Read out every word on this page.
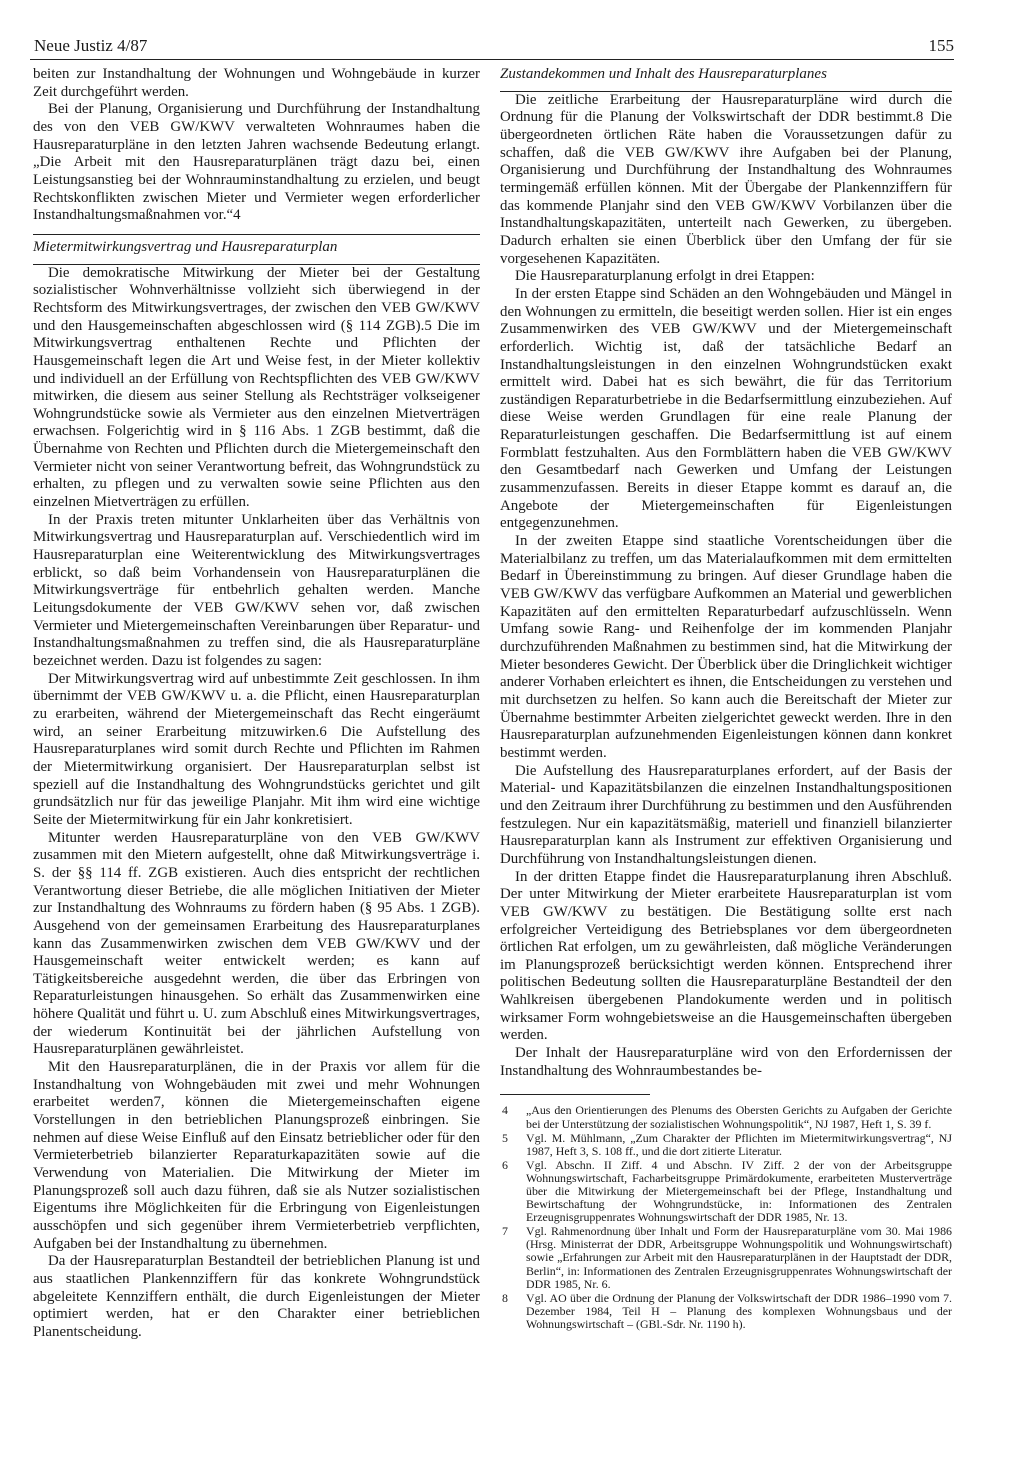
Neue Justiz 4/87	155

beiten zur Instandhaltung der Wohnungen und Wohngebäude in kurzer Zeit durchgeführt werden.

Bei der Planung, Organisierung und Durchführung der Instandhaltung des von den VEB GW/KWV verwalteten Wohnraumes haben die Hausreparaturpläne in den letzten Jahren wachsende Bedeutung erlangt. „Die Arbeit mit den Hausreparaturplänen trägt dazu bei, einen Leistungsanstieg bei der Wohnrauminstandhaltung zu erzielen, und beugt Rechtskonflikten zwischen Mieter und Vermieter wegen erforderlicher Instandhaltungsmaßnahmen vor.“4

Mietermitwirkungsvertrag und Hausreparaturplan

Die demokratische Mitwirkung der Mieter bei der Gestaltung sozialistischer Wohnverhältnisse vollzieht sich überwiegend in der Rechtsform des Mitwirkungsvertrages, der zwischen den VEB GW/KWV und den Hausgemeinschaften abgeschlossen wird (§ 114 ZGB).5 Die im Mitwirkungsvertrag enthaltenen Rechte und Pflichten der Hausgemeinschaft legen die Art und Weise fest, in der Mieter kollektiv und individuell an der Erfüllung von Rechtspflichten des VEB GW/KWV mitwirken, die diesem aus seiner Stellung als Rechtsträger volkseigener Wohngrundstücke sowie als Vermieter aus den einzelnen Mietverträgen erwachsen. Folgerichtig wird in § 116 Abs. 1 ZGB bestimmt, daß die Übernahme von Rechten und Pflichten durch die Mietergemeinschaft den Vermieter nicht von seiner Verantwortung befreit, das Wohngrundstück zu erhalten, zu pflegen und zu verwalten sowie seine Pflichten aus den einzelnen Mietverträgen zu erfüllen.

In der Praxis treten mitunter Unklarheiten über das Verhältnis von Mitwirkungsvertrag und Hausreparaturplan auf. Verschiedentlich wird im Hausreparaturplan eine Weiterentwicklung des Mitwirkungsvertrages erblickt, so daß beim Vorhandensein von Hausreparaturplänen die Mitwirkungsverträge für entbehrlich gehalten werden. Manche Leitungsdokumente der VEB GW/KWV sehen vor, daß zwischen Vermieter und Mietergemeinschaften Vereinbarungen über Reparatur- und Instandhaltungsmaßnahmen zu treffen sind, die als Hausreparaturpläne bezeichnet werden. Dazu ist folgendes zu sagen:

Der Mitwirkungsvertrag wird auf unbestimmte Zeit geschlossen. In ihm übernimmt der VEB GW/KWV u. a. die Pflicht, einen Hausreparaturplan zu erarbeiten, während der Mietergemeinschaft das Recht eingeräumt wird, an seiner Erarbeitung mitzuwirken.6 Die Aufstellung des Hausreparaturplanes wird somit durch Rechte und Pflichten im Rahmen der Mietermitwirkung organisiert. Der Hausreparaturplan selbst ist speziell auf die Instandhaltung des Wohngrundstücks gerichtet und gilt grundsätzlich nur für das jeweilige Planjahr. Mit ihm wird eine wichtige Seite der Mietermitwirkung für ein Jahr konkretisiert.

Mitunter werden Hausreparaturpläne von den VEB GW/KWV zusammen mit den Mietern aufgestellt, ohne daß Mitwirkungsverträge i. S. der §§ 114 ff. ZGB existieren. Auch dies entspricht der rechtlichen Verantwortung dieser Betriebe, die alle möglichen Initiativen der Mieter zur Instandhaltung des Wohnraums zu fördern haben (§ 95 Abs. 1 ZGB). Ausgehend von der gemeinsamen Erarbeitung des Hausreparaturplanes kann das Zusammenwirken zwischen dem VEB GW/KWV und der Hausgemeinschaft weiter entwickelt werden; es kann auf Tätigkeitsbereiche ausgedehnt werden, die über das Erbringen von Reparaturleistungen hinausgehen. So erhält das Zusammenwirken eine höhere Qualität und führt u. U. zum Abschluß eines Mitwirkungsvertrages, der wiederum Kontinuität bei der jährlichen Aufstellung von Hausreparaturplänen gewährleistet.

Mit den Hausreparaturplänen, die in der Praxis vor allem für die Instandhaltung von Wohngebäuden mit zwei und mehr Wohnungen erarbeitet werden7, können die Mietergemeinschaften eigene Vorstellungen in den betrieblichen Planungsprozeß einbringen. Sie nehmen auf diese Weise Einfluß auf den Einsatz betrieblicher oder für den Vermieterbetrieb bilanzierter Reparaturkapazitäten sowie auf die Verwendung von Materialien. Die Mitwirkung der Mieter im Planungsprozeß soll auch dazu führen, daß sie als Nutzer sozialistischen Eigentums ihre Möglichkeiten für die Erbringung von Eigenleistungen ausschöpfen und sich gegenüber ihrem Vermieterbetrieb verpflichten, Aufgaben bei der Instandhaltung zu übernehmen.

Da der Hausreparaturplan Bestandteil der betrieblichen Planung ist und aus staatlichen Plankennziffern für das konkrete Wohngrundstück abgeleitete Kennziffern enthält, die durch Eigenleistungen der Mieter optimiert werden, hat er den Charakter einer betrieblichen Planentscheidung.

Zustandekommen und Inhalt des Hausreparaturplanes

Die zeitliche Erarbeitung der Hausreparaturpläne wird durch die Ordnung für die Planung der Volkswirtschaft der DDR bestimmt.8 Die übergeordneten örtlichen Räte haben die Voraussetzungen dafür zu schaffen, daß die VEB GW/KWV ihre Aufgaben bei der Planung, Organisierung und Durchführung der Instandhaltung des Wohnraumes termingemäß erfüllen können. Mit der Übergabe der Plankennziffern für das kommende Planjahr sind den VEB GW/KWV Vorbilanzen über die Instandhaltungskapazitäten, unterteilt nach Gewerken, zu übergeben. Dadurch erhalten sie einen Überblick über den Umfang der für sie vorgesehenen Kapazitäten.

Die Hausreparaturplanung erfolgt in drei Etappen:

In der ersten Etappe sind Schäden an den Wohngebäuden und Mängel in den Wohnungen zu ermitteln, die beseitigt werden sollen. Hier ist ein enges Zusammenwirken des VEB GW/KWV und der Mietergemeinschaft erforderlich. Wichtig ist, daß der tatsächliche Bedarf an Instandhaltungsleistungen in den einzelnen Wohngrundstücken exakt ermittelt wird. Dabei hat es sich bewährt, die für das Territorium zuständigen Reparaturbetriebe in die Bedarfsermittlung einzubeziehen. Auf diese Weise werden Grundlagen für eine reale Planung der Reparaturleistungen geschaffen. Die Bedarfsermittlung ist auf einem Formblatt festzuhalten. Aus den Formblättern haben die VEB GW/KWV den Gesamtbedarf nach Gewerken und Umfang der Leistungen zusammenzufassen. Bereits in dieser Etappe kommt es darauf an, die Angebote der Mietergemeinschaften für Eigenleistungen entgegenzunehmen.

In der zweiten Etappe sind staatliche Vorentscheidungen über die Materialbilanz zu treffen, um das Materialaufkommen mit dem ermittelten Bedarf in Übereinstimmung zu bringen. Auf dieser Grundlage haben die VEB GW/KWV das verfügbare Aufkommen an Material und gewerblichen Kapazitäten auf den ermittelten Reparaturbedarf aufzuschlüsseln. Wenn Umfang sowie Rang- und Reihenfolge der im kommenden Planjahr durchzuführenden Maßnahmen zu bestimmen sind, hat die Mitwirkung der Mieter besonderes Gewicht. Der Überblick über die Dringlichkeit wichtiger anderer Vorhaben erleichtert es ihnen, die Entscheidungen zu verstehen und mit durchsetzen zu helfen. So kann auch die Bereitschaft der Mieter zur Übernahme bestimmter Arbeiten zielgerichtet geweckt werden. Ihre in den Hausreparaturplan aufzunehmenden Eigenleistungen können dann konkret bestimmt werden.

Die Aufstellung des Hausreparaturplanes erfordert, auf der Basis der Material- und Kapazitätsbilanzen die einzelnen Instandhaltungspositionen und den Zeitraum ihrer Durchführung zu bestimmen und den Ausführenden festzulegen. Nur ein kapazitätsmäßig, materiell und finanziell bilanzierter Hausreparaturplan kann als Instrument zur effektiven Organisierung und Durchführung von Instandhaltungsleistungen dienen.

In der dritten Etappe findet die Hausreparaturplanung ihren Abschluß. Der unter Mitwirkung der Mieter erarbeitete Hausreparaturplan ist vom VEB GW/KWV zu bestätigen. Die Bestätigung sollte erst nach erfolgreicher Verteidigung des Betriebsplanes vor dem übergeordneten örtlichen Rat erfolgen, um zu gewährleisten, daß mögliche Veränderungen im Planungsprozeß berücksichtigt werden können. Entsprechend ihrer politischen Bedeutung sollten die Hausreparaturpläne Bestandteil der den Wahlkreisen übergebenen Plandokumente werden und in politisch wirksamer Form wohngebietsweise an die Hausgemeinschaften übergeben werden.

Der Inhalt der Hausreparaturpläne wird von den Erfordernissen der Instandhaltung des Wohnraumbestandes be-

4	„Aus den Orientierungen des Plenums des Obersten Gerichts zu Aufgaben der Gerichte bei der Unterstützung der sozialistischen Wohnungspolitik“, NJ 1987, Heft 1, S. 39 f.
5	Vgl. M. Mühlmann, „Zum Charakter der Pflichten im Mietermitwirkungsvertrag“, NJ 1987, Heft 3, S. 108 ff., und die dort zitierte Literatur.
6	Vgl. Abschn. II Ziff. 4 und Abschn. IV Ziff. 2 der von der Arbeitsgruppe Wohnungswirtschaft, Facharbeitsgruppe Primärdokumente, erarbeiteten Musterverträge über die Mitwirkung der Mietergemeinschaft bei der Pflege, Instandhaltung und Bewirtschaftung der Wohngrundstücke, in: Informationen des Zentralen Erzeugnisgruppenrates Wohnungswirtschaft der DDR 1985, Nr. 13.
7	Vgl. Rahmenordnung über Inhalt und Form der Hausreparaturpläne vom 30. Mai 1986 (Hrsg. Ministerrat der DDR, Arbeitsgruppe Wohnungspolitik und Wohnungswirtschaft) sowie „Erfahrungen zur Arbeit mit den Hausreparaturplänen in der Hauptstadt der DDR, Berlin“, in: Informationen des Zentralen Erzeugnisgruppenrates Wohnungswirtschaft der DDR 1985, Nr. 6.
8	Vgl. AO über die Ordnung der Planung der Volkswirtschaft der DDR 1986–1990 vom 7. Dezember 1984, Teil H – Planung des komplexen Wohnungsbaus und der Wohnungswirtschaft – (GBl.-Sdr. Nr. 1190 h).
